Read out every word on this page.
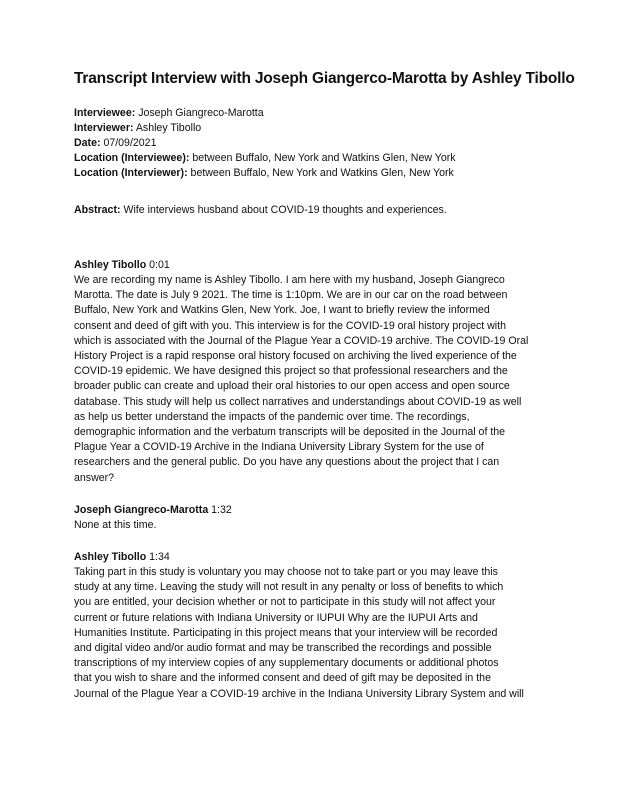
Transcript Interview with Joseph Giangerco-Marotta by Ashley Tibollo
Interviewee: Joseph Giangreco-Marotta
Interviewer: Ashley Tibollo
Date: 07/09/2021
Location (Interviewee): between Buffalo, New York and Watkins Glen, New York
Location (Interviewer): between Buffalo, New York and Watkins Glen, New York
Abstract: Wife interviews husband about COVID-19 thoughts and experiences.
Ashley Tibollo 0:01
We are recording my name is Ashley Tibollo. I am here with my husband, Joseph Giangreco
Marotta. The date is July 9 2021. The time is 1:10pm. We are in our car on the road between
Buffalo, New York and Watkins Glen, New York. Joe, I want to briefly review the informed
consent and deed of gift with you. This interview is for the COVID-19 oral history project with
which is associated with the Journal of the Plague Year a COVID-19 archive. The COVID-19 Oral
History Project is a rapid response oral history focused on archiving the lived experience of the
COVID-19 epidemic. We have designed this project so that professional researchers and the
broader public can create and upload their oral histories to our open access and open source
database. This study will help us collect narratives and understandings about COVID-19 as well
as help us better understand the impacts of the pandemic over time. The recordings,
demographic information and the verbatum transcripts will be deposited in the Journal of the
Plague Year a COVID-19 Archive in the Indiana University Library System for the use of
researchers and the general public. Do you have any questions about the project that I can
answer?
Joseph Giangreco-Marotta 1:32
None at this time.
Ashley Tibollo 1:34
Taking part in this study is voluntary you may choose not to take part or you may leave this
study at any time. Leaving the study will not result in any penalty or loss of benefits to which
you are entitled, your decision whether or not to participate in this study will not affect your
current or future relations with Indiana University or IUPUI Why are the IUPUI Arts and
Humanities Institute. Participating in this project means that your interview will be recorded
and digital video and/or audio format and may be transcribed the recordings and possible
transcriptions of my interview copies of any supplementary documents or additional photos
that you wish to share and the informed consent and deed of gift may be deposited in the
Journal of the Plague Year a COVID-19 archive in the Indiana University Library System and will
